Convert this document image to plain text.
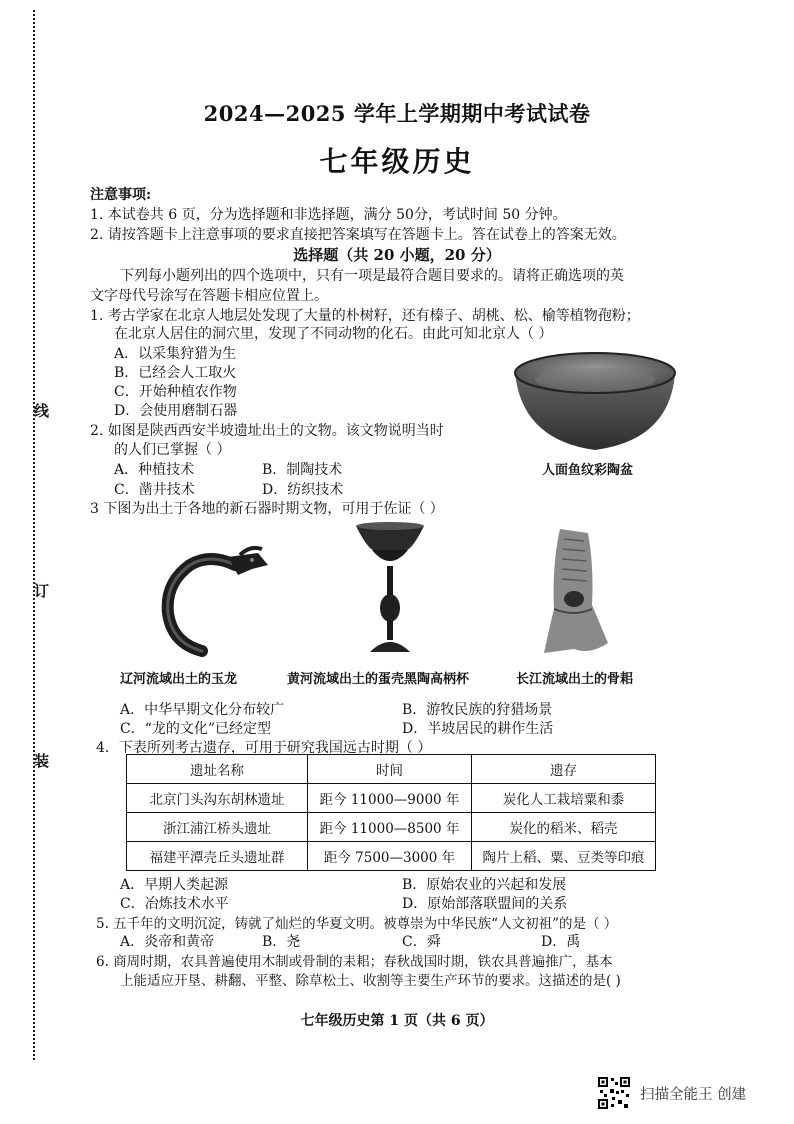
线
订
装
2024—2025 学年上学期期中考试试卷
七年级历史
注意事项:
1. 本试卷共 6 页，分为选择题和非选择题，满分 50分，考试时间 50 分钟。
2. 请按答题卡上注意事项的要求直接把答案填写在答题卡上。答在试卷上的答案无效。
选择题（共 20 小题，20 分）
下列每小题列出的四个选项中，只有一项是最符合题目要求的。请将正确选项的英
文字母代号涂写在答题卡相应位置上。
1. 考古学家在北京人地层处发现了大量的朴树籽，还有榛子、胡桃、松、榆等植物孢粉；
在北京人居住的洞穴里，发现了不同动物的化石。由此可知北京人（ ）
A．以采集狩猎为生
B．已经会人工取火
C．开始种植农作物
D．会使用磨制石器
2. 如图是陕西西安半坡遗址出土的文物。该文物说明当时
的人们已掌握（ ）
A．种植技术	B．制陶技术
C．凿井技术	D．纺织技术
人面鱼纹彩陶盆
3 下图为出土于各地的新石器时期文物，可用于佐证（ ）
辽河流域出土的玉龙	黄河流域出土的蛋壳黑陶高柄杯	长江流域出土的骨耜
A．中华早期文化分布较广	B．游牧民族的狩猎场景
C．“龙的文化”已经定型	D．半坡居民的耕作生活
4．下表所列考古遗存，可用于研究我国远古时期（ ）
遗址名称	时间	遗存
北京门头沟东胡林遗址	距今 11000—9000 年	炭化人工栽培粟和黍
浙江浦江桥头遗址	距今 11000—8500 年	炭化的稻米、稻壳
福建平潭壳丘头遗址群	距今 7500—3000 年	陶片上稻、粟、豆类等印痕
A．早期人类起源	B．原始农业的兴起和发展
C．冶炼技术水平	D．原始部落联盟间的关系
5. 五千年的文明沉淀，铸就了灿烂的华夏文明。被尊崇为中华民族“人文初祖”的是（ ）
A．炎帝和黄帝	B．尧	C．舜	D．禹
6. 商周时期，农具普遍使用木制或骨制的耒耜；春秋战国时期，铁农具普遍推广，基本
上能适应开垦、耕翻、平整、除草松土、收割等主要生产环节的要求。这描述的是( )
七年级历史第 1 页（共 6 页）
扫描全能王 创建
